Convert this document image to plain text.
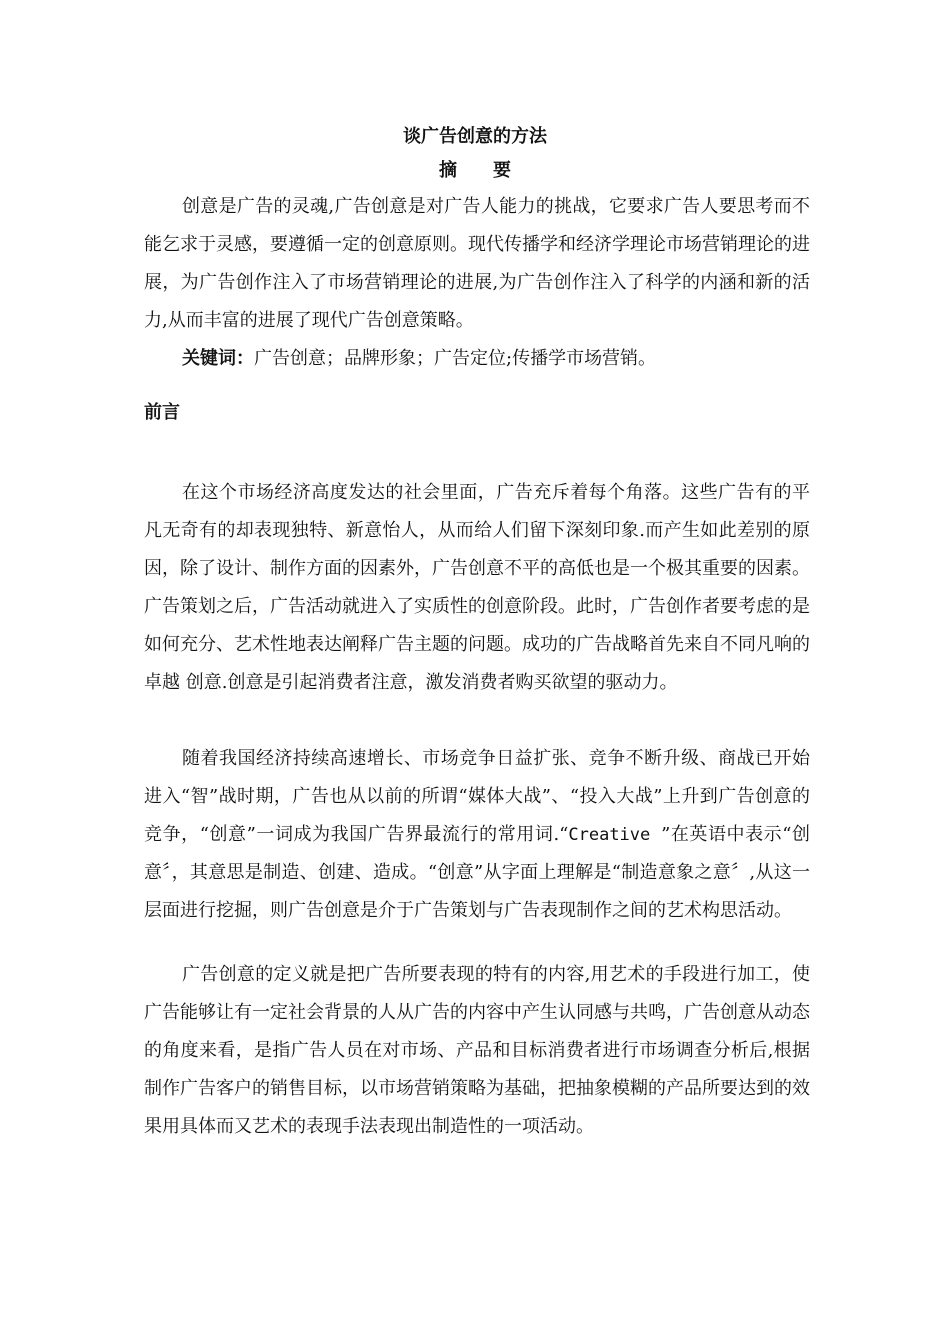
谈广告创意的方法
摘要

创意是广告的灵魂,广告创意是对广告人能力的挑战，它要求广告人要思考而不能乞求于灵感，要遵循一定的创意原则。现代传播学和经济学理论市场营销理论的进展，为广告创作注入了市场营销理论的进展,为广告创作注入了科学的内涵和新的活力,从而丰富的进展了现代广告创意策略。

关键词：广告创意；品牌形象；广告定位;传播学市场营销。

前言

在这个市场经济高度发达的社会里面，广告充斥着每个角落。这些广告有的平凡无奇有的却表现独特、新意怡人，从而给人们留下深刻印象.而产生如此差别的原因，除了设计、制作方面的因素外，广告创意不平的高低也是一个极其重要的因素。 广告策划之后，广告活动就进入了实质性的创意阶段。此时，广告创作者要考虑的是如何充分、艺术性地表达阐释广告主题的问题。成功的广告战略首先来自不同凡响的卓越 创意.创意是引起消费者注意，激发消费者购买欲望的驱动力。

随着我国经济持续高速增长、市场竞争日益扩张、竞争不断升级、商战已开始进入“智”战时期，广告也从以前的所谓“媒体大战”、“投入大战”上升到广告创意的竞争，“创意”一词成为我国广告界最流行的常用词.“Creative ”在英语中表示“创意〞，其意思是制造、创建、造成。“创意”从字面上理解是“制造意象之意〞,从这一层面进行挖掘，则广告创意是介于广告策划与广告表现制作之间的艺术构思活动。

广告创意的定义就是把广告所要表现的特有的内容,用艺术的手段进行加工，使广告能够让有一定社会背景的人从广告的内容中产生认同感与共鸣，广告创意从动态的角度来看，是指广告人员在对市场、产品和目标消费者进行市场调查分析后,根据制作广告客户的销售目标，以市场营销策略为基础，把抽象模糊的产品所要达到的效果用具体而又艺术的表现手法表现出制造性的一项活动。
